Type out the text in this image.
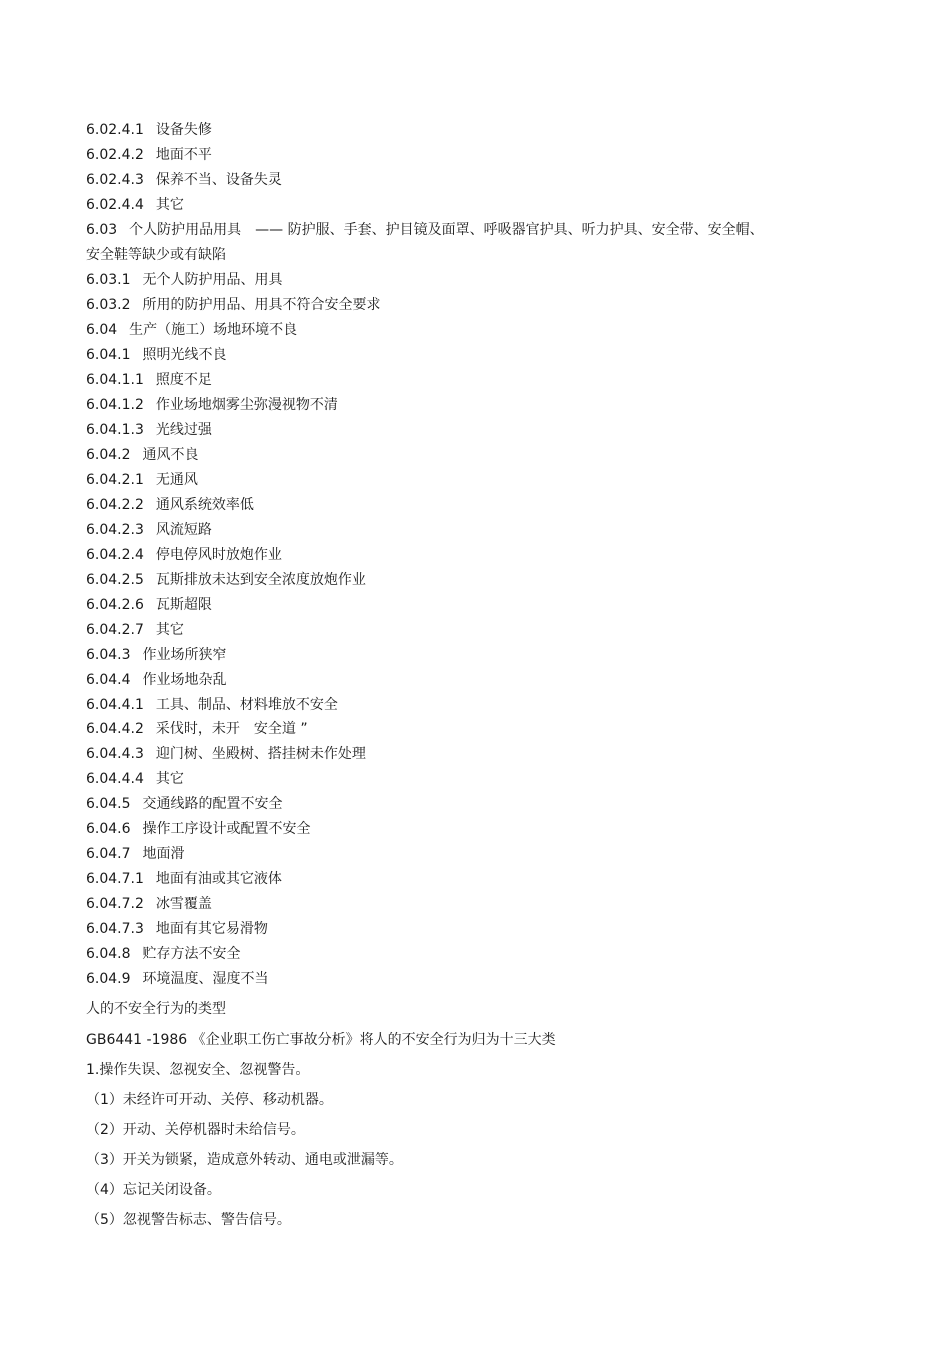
6.02.4.1 设备失修
6.02.4.2 地面不平
6.02.4.3 保养不当、设备失灵
6.02.4.4 其它
6.03 个人防护用品用具　—— 防护服、手套、护目镜及面罩、呼吸器官护具、听力护具、安全带、安全帽、
安全鞋等缺少或有缺陷
6.03.1 无个人防护用品、用具
6.03.2 所用的防护用品、用具不符合安全要求
6.04 生产（施工）场地环境不良
6.04.1 照明光线不良
6.04.1.1 照度不足
6.04.1.2 作业场地烟雾尘弥漫视物不清
6.04.1.3 光线过强
6.04.2 通风不良
6.04.2.1 无通风
6.04.2.2 通风系统效率低
6.04.2.3 风流短路
6.04.2.4 停电停风时放炮作业
6.04.2.5 瓦斯排放未达到安全浓度放炮作业
6.04.2.6 瓦斯超限
6.04.2.7 其它
6.04.3 作业场所狭窄
6.04.4 作业场地杂乱
6.04.4.1 工具、制品、材料堆放不安全
6.04.4.2 采伐时，未开　安全道 ”
6.04.4.3 迎门树、坐殿树、搭挂树未作处理
6.04.4.4 其它
6.04.5 交通线路的配置不安全
6.04.6 操作工序设计或配置不安全
6.04.7 地面滑
6.04.7.1 地面有油或其它液体
6.04.7.2 冰雪覆盖
6.04.7.3 地面有其它易滑物
6.04.8 贮存方法不安全
6.04.9 环境温度、湿度不当
人的不安全行为的类型
GB6441 -1986 《企业职工伤亡事故分析》将人的不安全行为归为十三大类
1.操作失误、忽视安全、忽视警告。
（1）未经许可开动、关停、移动机器。
（2）开动、关停机器时未给信号。
（3）开关为锁紧，造成意外转动、通电或泄漏等。
（4）忘记关闭设备。
（5）忽视警告标志、警告信号。
